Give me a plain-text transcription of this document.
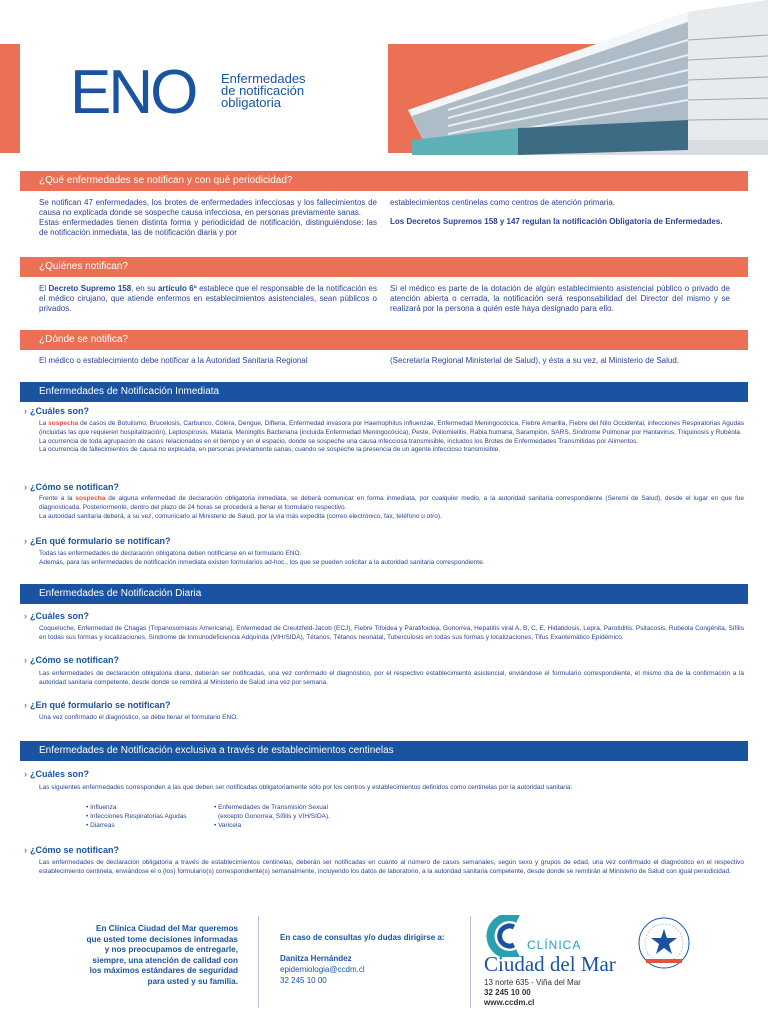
ENO Enfermedades
de notificación
obligatoria
¿Qué enfermedades se notifican y con qué periodicidad?
Se notifican 47 enfermedades, los brotes de enfermedades infecciosas y los fallecimientos de causa no explicada donde se sospeche causa infecciosa, en personas previamente sanas.
Estas enfermedades tienen distinta forma y periodicidad de notificación, distinguiéndose: las de notificación inmediata, las de notificación diaria y por
establecimientos centinelas como centros de atención primaria.
Los Decretos Supremos 158 y 147 regulan la notificación Obligatoria de Enfermedades.
¿Quiénes notifican?
El Decreto Supremo 158, en su artículo 6º establece que el responsable de la notificación es el médico cirujano, que atiende enfermos en establecimientos asistenciales, sean públicos o privados.
Si el médico es parte de la dotación de algún establecimiento asistencial público o privado de atención abierta o cerrada, la notificación será responsabilidad del Director del mismo y se realizará por la persona a quién este haya designado para ello.
¿Dónde se notifica?
El médico o establecimiento debe notificar a la Autoridad Sanitaria Regional	(Secretaría Regional Ministerial de Salud), y ésta a su vez, al Ministerio de Salud.
Enfermedades de Notificación Inmediata
› ¿Cuáles son?
La sospecha de casos de Botulismo, Brucelosis, Carbunco, Cólera, Dengue, Difteria, Enfermedad invasora por Haemophilus influenzae, Enfermedad Meningocócica, Fiebre Amarilla, Fiebre del Nilo Occidental, infecciones Respiratorias Agudas (incluidas las que requieren hospitalización), Leptospirosis, Malaria, Meningitis Bacteriana (incluida Enfermedad Meningocócica), Peste, Poliomielitis, Rabia humana, Sarampión, SARS, Síndrome Pulmonar por Hantavirus, Triquinosis y Rubéola.
La ocurrencia de toda agrupación de casos relacionados en el tiempo y en el espacio, donde se sospeche una causa infecciosa transmisible, incluidos los Brotes de Enfermedades Transmitidas por Alimentos.
La ocurrencia de fallecimientos de causa no explicada, en personas previamente sanas, cuando se sospeche la presencia de un agente infeccioso transmisible.
› ¿Cómo se notifican?
Frente a la sospecha de alguna enfermedad de declaración obligatoria inmediata, se deberá comunicar en forma inmediata, por cualquier medio, a la autoridad sanitaria correspondiente (Seremi de Salud), desde el lugar en que fue diagnosticada. Posteriormente, dentro del plazo de 24 horas se procederá a llenar el formulario respectivo.
La autoridad sanitaria deberá, a su vez, comunicarlo al Ministerio de Salud, por la vía más expedita (correo electrónico, fax, teléfono u otro).
› ¿En qué formulario se notifican?
Todas las enfermedades de declaración obligatoria deben notificarse en el formulario ENO.
Además, para las enfermedades de notificación inmediata existen formularios ad-hoc., los que se pueden solicitar a la autoridad sanitaria correspondiente.
Enfermedades de Notificación Diaria
› ¿Cuáles son?
Coqueluche, Enfermedad de Chagas (Tripanosomiasis Americana), Enfermedad de Creutzfeld-Jacob (ECJ), Fiebre Tifoidea y Paratifoidea, Gonorrea, Hepatitis viral A, B, C, E, Hidatidosis, Lepra, Parotiditis, Psitacosis, Rubéola Congénita, Sífilis en todas sus formas y localizaciones, Síndrome de Inmunodeficiencia Adquirida (VIH/SIDA), Tétanos, Tétanos neonatal, Tuberculosis en todas sus formas y localizaciones, Tifus Exantemático Epidémico.
› ¿Cómo se notifican?
Las enfermedades de declaración obligatoria diaria, deberán ser notificadas, una vez confirmado el diagnóstico, por el respectivo establecimiento asistencial, enviándose el formulario correspondiente, el mismo día de la confirmación a la autoridad sanitaria competente, desde donde se remitirá al Ministerio de Salud una vez por semana.
› ¿En qué formulario se notifican?
Una vez confirmado el diagnóstico, se debe llenar el formulario ENO.
Enfermedades de Notificación exclusiva a través de establecimientos centinelas
› ¿Cuáles son?
Las siguientes enfermedades corresponden a las que deben ser notificadas obligatoriamente sólo por los centros y establecimientos definidos como centinelas por la autoridad sanitaria:
• Influenza
• Infecciones Respiratorias Agudas
• Diarreas
• Enfermedades de Transmisión Sexual
(excepto Gonorrea, Sífilis y VIH/SIDA).
• Varicela
› ¿Cómo se notifican?
Las enfermedades de declaración obligatoria a través de establecimientos centinelas, deberán ser notificadas en cuanto al número de casos semanales, según sexo y grupos de edad, una vez confirmado el diagnóstico en el respectivo establecimiento centinela, enviándose el o (los) formulario(s) correspondiente(s) semanalmente, incluyendo los datos de laboratorio, a la autoridad sanitaria competente, desde donde se remitirán al Ministerio de Salud con igual periodicidad.
En Clínica Ciudad del Mar queremos
que usted tome decisiones informadas
y nos preocupamos de entregarle,
siempre, una atención de calidad con
los máximos estándares de seguridad
para usted y su familia.
En caso de consultas y/o dudas dirigirse a:
Danitza Hernández
epidemiologia@ccdm.cl
32 245 10 00
CLÍNICA
Ciudad del Mar
13 norte 635 - Viña del Mar
32 245 10 00
www.ccdm.cl
